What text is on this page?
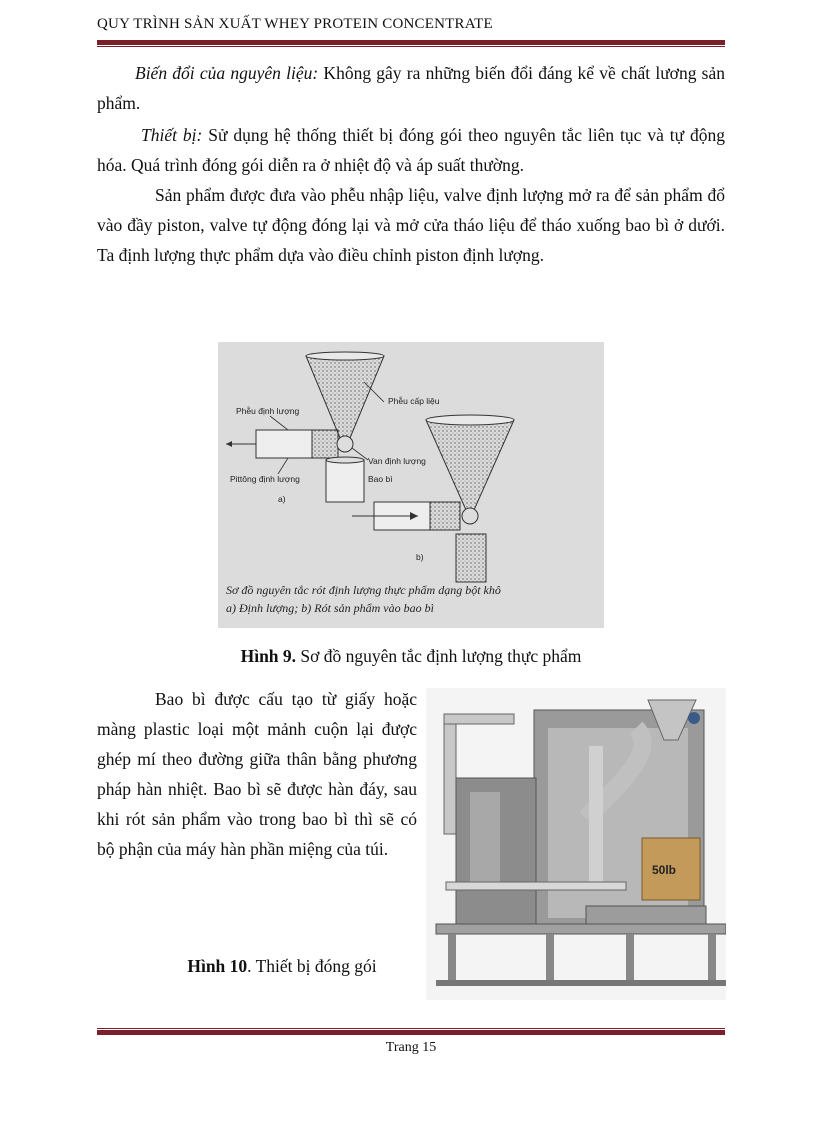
QUY TRÌNH SẢN XUẤT WHEY PROTEIN CONCENTRATE

Biến đổi của nguyên liệu: Không gây ra những biến đổi đáng kể về chất lương sản phẩm.

Thiết bị: Sử dụng hệ thống thiết bị đóng gói theo nguyên tắc liên tục và tự động hóa. Quá trình đóng gói diễn ra ở nhiệt độ và áp suất thường.

Sản phẩm được đưa vào phễu nhập liệu, valve định lượng mở ra để sản phẩm đổ vào đầy piston, valve tự động đóng lại và mở cửa tháo liệu để tháo xuống bao bì ở dưới. Ta định lượng thực phẩm dựa vào điều chỉnh piston định lượng.

Phễu cấp liệu
Phễu định lượng
Van định lượng
Pittông định lượng	Bao bì
a)
b)
Sơ đồ nguyên tắc rót định lượng thực phẩm dạng bột khô
a) Định lượng; b) Rót sản phẩm vào bao bì
Hình 9. Sơ đồ nguyên tắc định lượng thực phẩm

Bao bì được cấu tạo từ giấy hoặc màng plastic loại một mảnh cuộn lại được ghép mí theo đường giữa thân bằng phương pháp hàn nhiệt. Bao bì sẽ được hàn đáy, sau khi rót sản phẩm vào trong bao bì thì sẽ có bộ phận của máy hàn phần miệng của túi.

Hình 10. Thiết bị đóng gói
50lb
Trang 15
